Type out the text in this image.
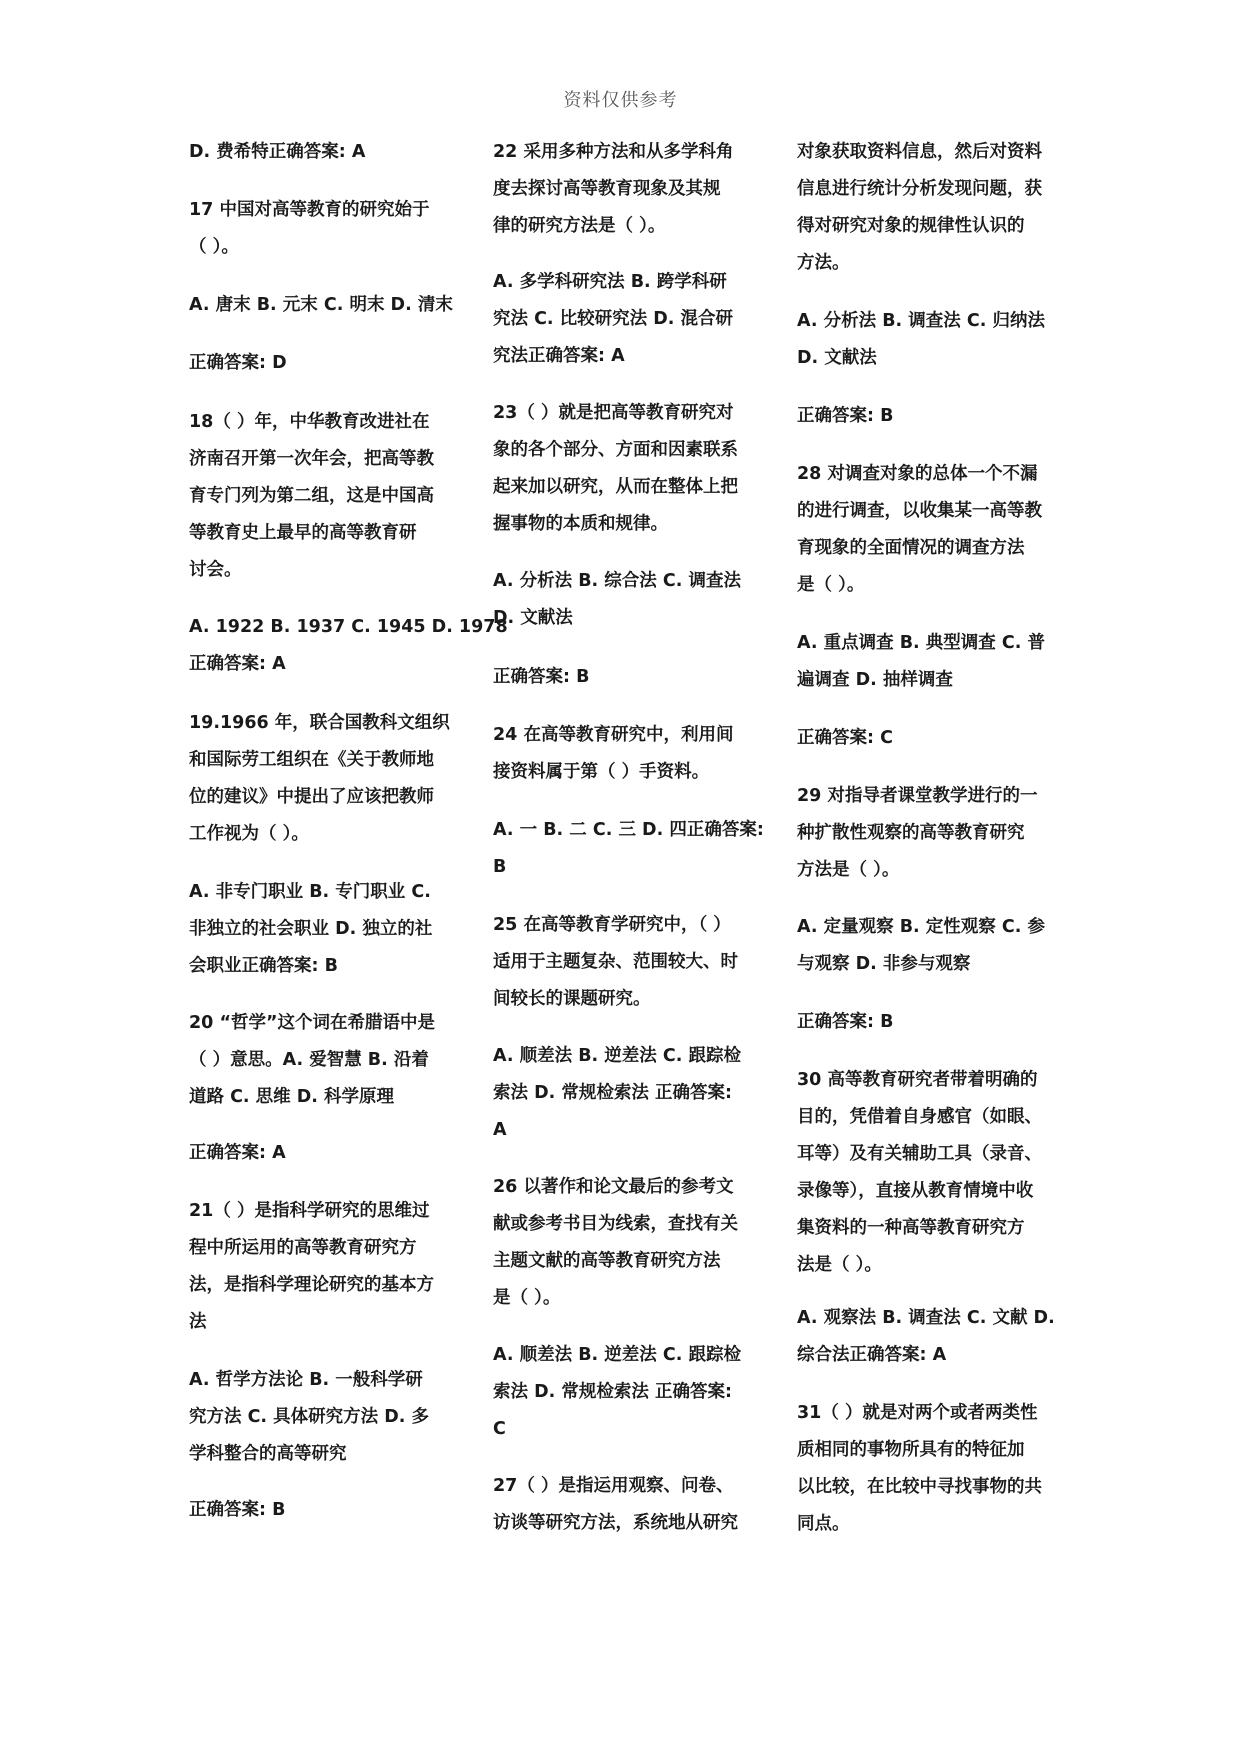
资料仅供参考
D. 费希特正确答案: A
17 中国对高等教育的研究始于
（ ）。
A. 唐末 B. 元末 C. 明末 D. 清末
正确答案: D
18（ ）年，中华教育改进社在
济南召开第一次年会，把高等教
育专门列为第二组，这是中国高
等教育史上最早的高等教育研
讨会。
A. 1922 B. 1937 C. 1945 D. 1978
正确答案: A
19.1966 年，联合国教科文组织
和国际劳工组织在《关于教师地
位的建议》中提出了应该把教师
工作视为（ ）。
A. 非专门职业 B. 专门职业 C.
非独立的社会职业 D. 独立的社
会职业正确答案: B
20 “哲学”这个词在希腊语中是
（ ）意思。A. 爱智慧 B. 沿着
道路 C. 思维 D. 科学原理
正确答案: A
21（ ）是指科学研究的思维过
程中所运用的高等教育研究方
法，是指科学理论研究的基本方
法
A. 哲学方法论 B. 一般科学研
究方法 C. 具体研究方法 D. 多
学科整合的高等研究
正确答案: B
22 采用多种方法和从多学科角
度去探讨高等教育现象及其规
律的研究方法是（ ）。
A. 多学科研究法 B. 跨学科研
究法 C. 比较研究法 D. 混合研
究法正确答案: A
23（ ）就是把高等教育研究对
象的各个部分、方面和因素联系
起来加以研究，从而在整体上把
握事物的本质和规律。
A. 分析法 B. 综合法 C. 调查法
D. 文献法
正确答案: B
24 在高等教育研究中，利用间
接资料属于第（ ）手资料。
A. 一 B. 二 C. 三 D. 四正确答案:
B
25 在高等教育学研究中，（ ）
适用于主题复杂、范围较大、时
间较长的课题研究。
A. 顺差法 B. 逆差法 C. 跟踪检
索法 D. 常规检索法 正确答案:
A
26 以著作和论文最后的参考文
献或参考书目为线索，查找有关
主题文献的高等教育研究方法
是（ ）。
A. 顺差法 B. 逆差法 C. 跟踪检
索法 D. 常规检索法 正确答案:
C
27（ ）是指运用观察、问卷、
访谈等研究方法，系统地从研究
对象获取资料信息，然后对资料
信息进行统计分析发现问题，获
得对研究对象的规律性认识的
方法。
A. 分析法 B. 调查法 C. 归纳法
D. 文献法
正确答案: B
28 对调查对象的总体一个不漏
的进行调查，以收集某一高等教
育现象的全面情况的调查方法
是（ ）。
A. 重点调查 B. 典型调查 C. 普
遍调查 D. 抽样调查
正确答案: C
29 对指导者课堂教学进行的一
种扩散性观察的高等教育研究
方法是（ ）。
A. 定量观察 B. 定性观察 C. 参
与观察 D. 非参与观察
正确答案: B
30 高等教育研究者带着明确的
目的，凭借着自身感官（如眼、
耳等）及有关辅助工具（录音、
录像等），直接从教育情境中收
集资料的一种高等教育研究方
法是（ ）。
A. 观察法 B. 调查法 C. 文献 D.
综合法正确答案: A
31（ ）就是对两个或者两类性
质相同的事物所具有的特征加
以比较，在比较中寻找事物的共
同点。
